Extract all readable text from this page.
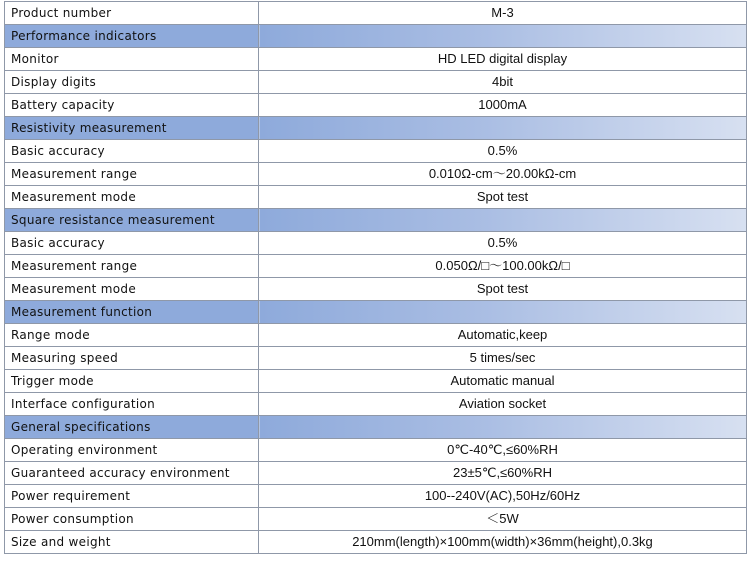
Product number	M-3
Performance indicators	
Monitor	HD LED digital display
Display digits	4bit
Battery capacity	1000mA
Resistivity measurement	
Basic accuracy	0.5%
Measurement range	0.010Ω-cm～20.00kΩ-cm
Measurement mode	Spot test
Square resistance measurement	
Basic accuracy	0.5%
Measurement range	0.050Ω/□～100.00kΩ/□
Measurement mode	Spot test
Measurement function	
Range mode	Automatic,keep
Measuring speed	5 times/sec
Trigger mode	Automatic manual
Interface configuration	Aviation socket
General specifications	
Operating environment	0℃-40℃,≤60%RH
Guaranteed accuracy environment	23±5℃,≤60%RH
Power requirement	100--240V(AC),50Hz/60Hz
Power consumption	＜5W
Size and weight	210mm(length)×100mm(width)×36mm(height),0.3kg
